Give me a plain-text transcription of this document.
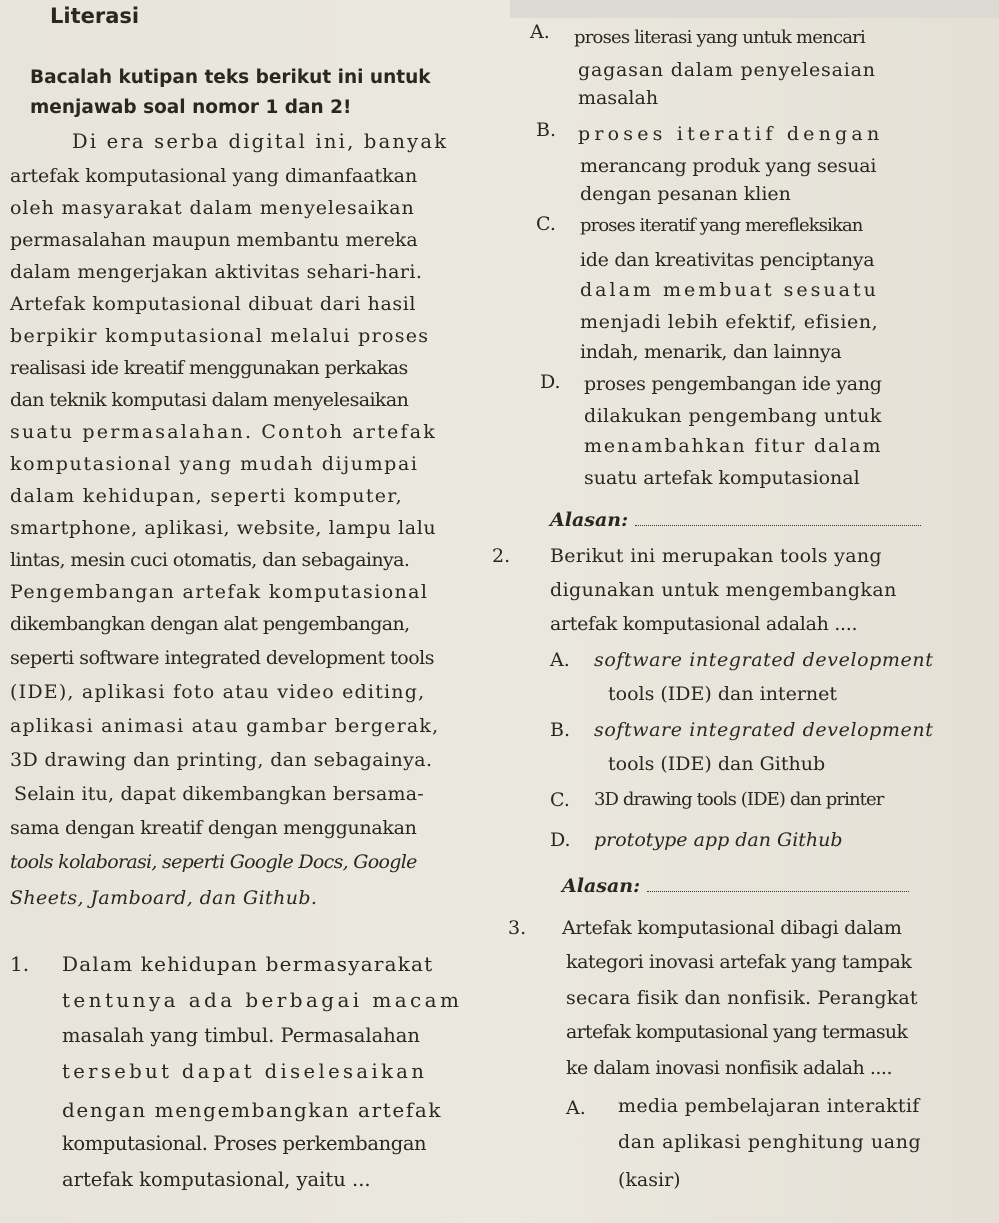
Literasi
Bacalah kutipan teks berikut ini untuk
menjawab soal nomor 1 dan 2!
Di era serba digital ini, banyak
artefak komputasional yang dimanfaatkan
oleh masyarakat dalam menyelesaikan
permasalahan maupun membantu mereka
dalam mengerjakan aktivitas sehari-hari.
Artefak komputasional dibuat dari hasil
berpikir komputasional melalui proses
realisasi ide kreatif menggunakan perkakas
dan teknik komputasi dalam menyelesaikan
suatu permasalahan. Contoh artefak
komputasional yang mudah dijumpai
dalam kehidupan, seperti komputer,
smartphone, aplikasi, website, lampu lalu
lintas, mesin cuci otomatis, dan sebagainya.
Pengembangan artefak komputasional
dikembangkan dengan alat pengembangan,
seperti software integrated development tools
(IDE), aplikasi foto atau video editing,
aplikasi animasi atau gambar bergerak,
3D drawing dan printing, dan sebagainya.
Selain itu, dapat dikembangkan bersama-
sama dengan kreatif dengan menggunakan
tools kolaborasi, seperti Google Docs, Google
Sheets, Jamboard, dan Github.
1. Dalam kehidupan bermasyarakat
tentunya ada berbagai macam
masalah yang timbul. Permasalahan
tersebut dapat diselesaikan
dengan mengembangkan artefak
komputasional. Proses perkembangan
artefak komputasional, yaitu ...
A. proses literasi yang untuk mencari
gagasan dalam penyelesaian
masalah
B. proses iteratif dengan
merancang produk yang sesuai
dengan pesanan klien
C. proses iteratif yang merefleksikan
ide dan kreativitas penciptanya
dalam membuat sesuatu
menjadi lebih efektif, efisien,
indah, menarik, dan lainnya
D. proses pengembangan ide yang
dilakukan pengembang untuk
menambahkan fitur dalam
suatu artefak komputasional
Alasan:
2. Berikut ini merupakan tools yang
digunakan untuk mengembangkan
artefak komputasional adalah ....
A. software integrated development
tools (IDE) dan internet
B. software integrated development
tools (IDE) dan Github
C. 3D drawing tools (IDE) dan printer
D. prototype app dan Github
Alasan:
3. Artefak komputasional dibagi dalam
kategori inovasi artefak yang tampak
secara fisik dan nonfisik. Perangkat
artefak komputasional yang termasuk
ke dalam inovasi nonfisik adalah ....
A. media pembelajaran interaktif
dan aplikasi penghitung uang
(kasir)
